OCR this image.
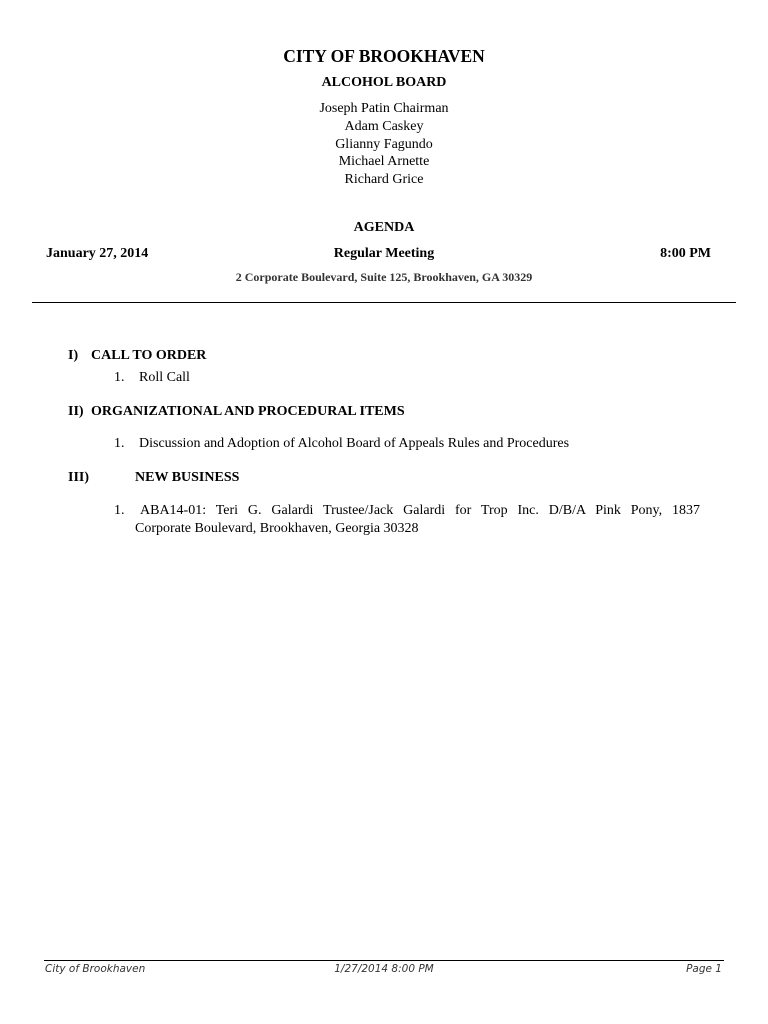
CITY OF BROOKHAVEN
ALCOHOL BOARD
Joseph Patin Chairman
Adam Caskey
Glianny Fagundo
Michael Arnette
Richard Grice
AGENDA
Regular Meeting
January 27, 2014	8:00 PM
2 Corporate Boulevard, Suite 125, Brookhaven, GA 30329
I) CALL TO ORDER
1. Roll Call
II) ORGANIZATIONAL AND PROCEDURAL ITEMS
1. Discussion and Adoption of Alcohol Board of Appeals Rules and Procedures
III)	NEW BUSINESS
1. ABA14-01: Teri G. Galardi Trustee/Jack Galardi for Trop Inc. D/B/A Pink Pony, 1837
Corporate Boulevard, Brookhaven, Georgia 30328
City of Brookhaven	1/27/2014 8:00 PM	Page 1
